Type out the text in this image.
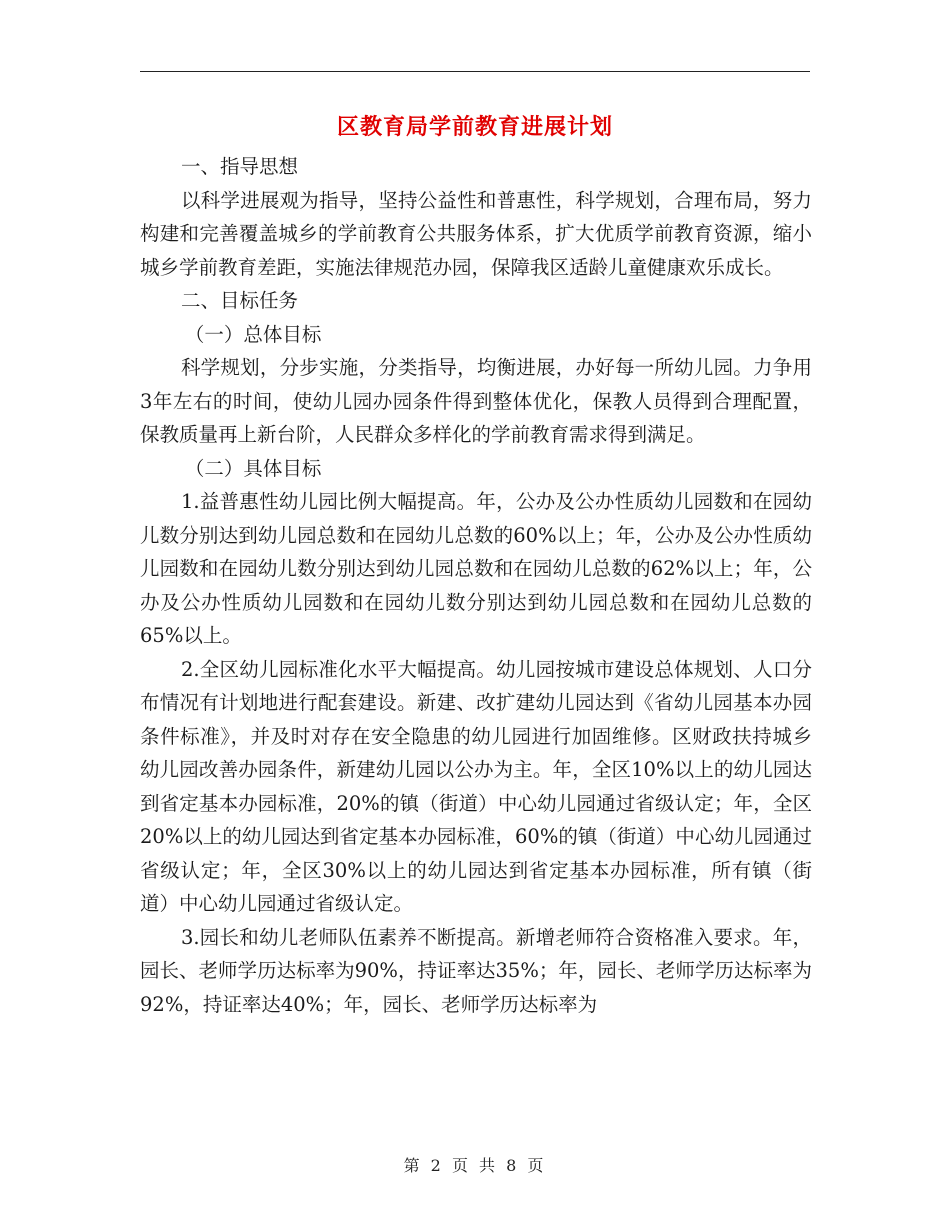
区教育局学前教育进展计划

一、指导思想

以科学进展观为指导，坚持公益性和普惠性，科学规划，合理布局，努力构建和完善覆盖城乡的学前教育公共服务体系，扩大优质学前教育资源，缩小城乡学前教育差距，实施法律规范办园，保障我区适龄儿童健康欢乐成长。

二、目标任务

（一）总体目标

科学规划，分步实施，分类指导，均衡进展，办好每一所幼儿园。力争用3年左右的时间，使幼儿园办园条件得到整体优化，保教人员得到合理配置，保教质量再上新台阶，人民群众多样化的学前教育需求得到满足。

（二）具体目标

1.益普惠性幼儿园比例大幅提高。年，公办及公办性质幼儿园数和在园幼儿数分别达到幼儿园总数和在园幼儿总数的60%以上；年，公办及公办性质幼儿园数和在园幼儿数分别达到幼儿园总数和在园幼儿总数的62%以上；年，公办及公办性质幼儿园数和在园幼儿数分别达到幼儿园总数和在园幼儿总数的65%以上。

2.全区幼儿园标准化水平大幅提高。幼儿园按城市建设总体规划、人口分布情况有计划地进行配套建设。新建、改扩建幼儿园达到《省幼儿园基本办园条件标准》，并及时对存在安全隐患的幼儿园进行加固维修。区财政扶持城乡幼儿园改善办园条件，新建幼儿园以公办为主。年，全区10%以上的幼儿园达到省定基本办园标准，20%的镇（街道）中心幼儿园通过省级认定；年，全区20%以上的幼儿园达到省定基本办园标准，60%的镇（街道）中心幼儿园通过省级认定；年，全区30%以上的幼儿园达到省定基本办园标准，所有镇（街道）中心幼儿园通过省级认定。

3.园长和幼儿老师队伍素养不断提高。新增老师符合资格准入要求。年，园长、老师学历达标率为90%，持证率达35%；年，园长、老师学历达标率为92%，持证率达40%；年，园长、老师学历达标率为

第 2 页 共 8 页
